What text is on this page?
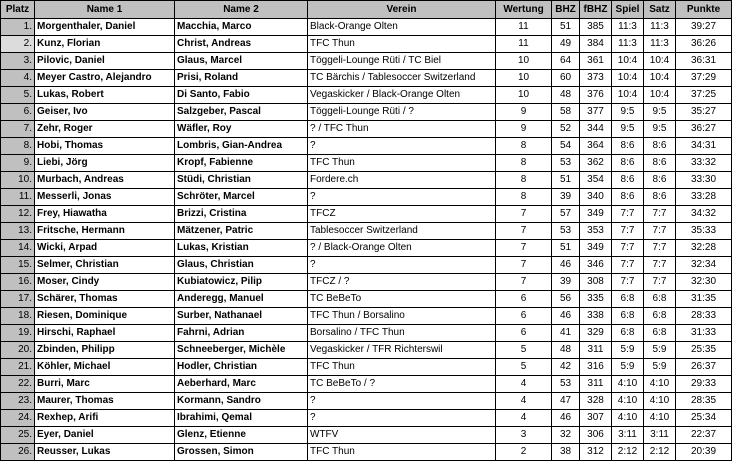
Platz	Name 1	Name 2	Verein	Wertung	BHZ	fBHZ	Spiel	Satz	Punkte
1.	Morgenthaler, Daniel	Macchia, Marco	Black-Orange Olten	11	51	385	11:3	11:3	39:27
2.	Kunz, Florian	Christ, Andreas	TFC Thun	11	49	384	11:3	11:3	36:26
3.	Pilovic, Daniel	Glaus, Marcel	Töggeli-Lounge Rüti / TC Biel	10	64	361	10:4	10:4	36:31
4.	Meyer Castro, Alejandro	Prisi, Roland	TC Bärchis / Tablesoccer Switzerland	10	60	373	10:4	10:4	37:29
5.	Lukas, Robert	Di Santo, Fabio	Vegaskicker / Black-Orange Olten	10	48	376	10:4	10:4	37:25
6.	Geiser, Ivo	Salzgeber, Pascal	Töggeli-Lounge Rüti / ?	9	58	377	9:5	9:5	35:27
7.	Zehr, Roger	Wäfler, Roy	? / TFC Thun	9	52	344	9:5	9:5	36:27
8.	Hobi, Thomas	Lombris, Gian-Andrea	?	8	54	364	8:6	8:6	34:31
9.	Liebi, Jörg	Kropf, Fabienne	TFC Thun	8	53	362	8:6	8:6	33:32
10.	Murbach, Andreas	Stüdi, Christian	Fordere.ch	8	51	354	8:6	8:6	33:30
11.	Messerli, Jonas	Schröter, Marcel	?	8	39	340	8:6	8:6	33:28
12.	Frey, Hiawatha	Brizzi, Cristina	TFCZ	7	57	349	7:7	7:7	34:32
13.	Fritsche, Hermann	Mätzener, Patric	Tablesoccer Switzerland	7	53	353	7:7	7:7	35:33
14.	Wicki, Arpad	Lukas, Kristian	? / Black-Orange Olten	7	51	349	7:7	7:7	32:28
15.	Selmer, Christian	Glaus, Christian	?	7	46	346	7:7	7:7	32:34
16.	Moser, Cindy	Kubiatowicz, Pilip	TFCZ / ?	7	39	308	7:7	7:7	32:30
17.	Schärer, Thomas	Anderegg, Manuel	TC BeBeTo	6	56	335	6:8	6:8	31:35
18.	Riesen, Dominique	Surber, Nathanael	TFC Thun / Borsalino	6	46	338	6:8	6:8	28:33
19.	Hirschi, Raphael	Fahrni, Adrian	Borsalino / TFC Thun	6	41	329	6:8	6:8	31:33
20.	Zbinden, Philipp	Schneeberger, Michèle	Vegaskicker / TFR Richterswil	5	48	311	5:9	5:9	25:35
21.	Köhler, Michael	Hodler, Christian	TFC Thun	5	42	316	5:9	5:9	26:37
22.	Burri, Marc	Aeberhard, Marc	TC BeBeTo / ?	4	53	311	4:10	4:10	29:33
23.	Maurer, Thomas	Kormann, Sandro	?	4	47	328	4:10	4:10	28:35
24.	Rexhep, Arifi	Ibrahimi, Qemal	?	4	46	307	4:10	4:10	25:34
25.	Eyer, Daniel	Glenz, Etienne	WTFV	3	32	306	3:11	3:11	22:37
26.	Reusser, Lukas	Grossen, Simon	TFC Thun	2	38	312	2:12	2:12	20:39
